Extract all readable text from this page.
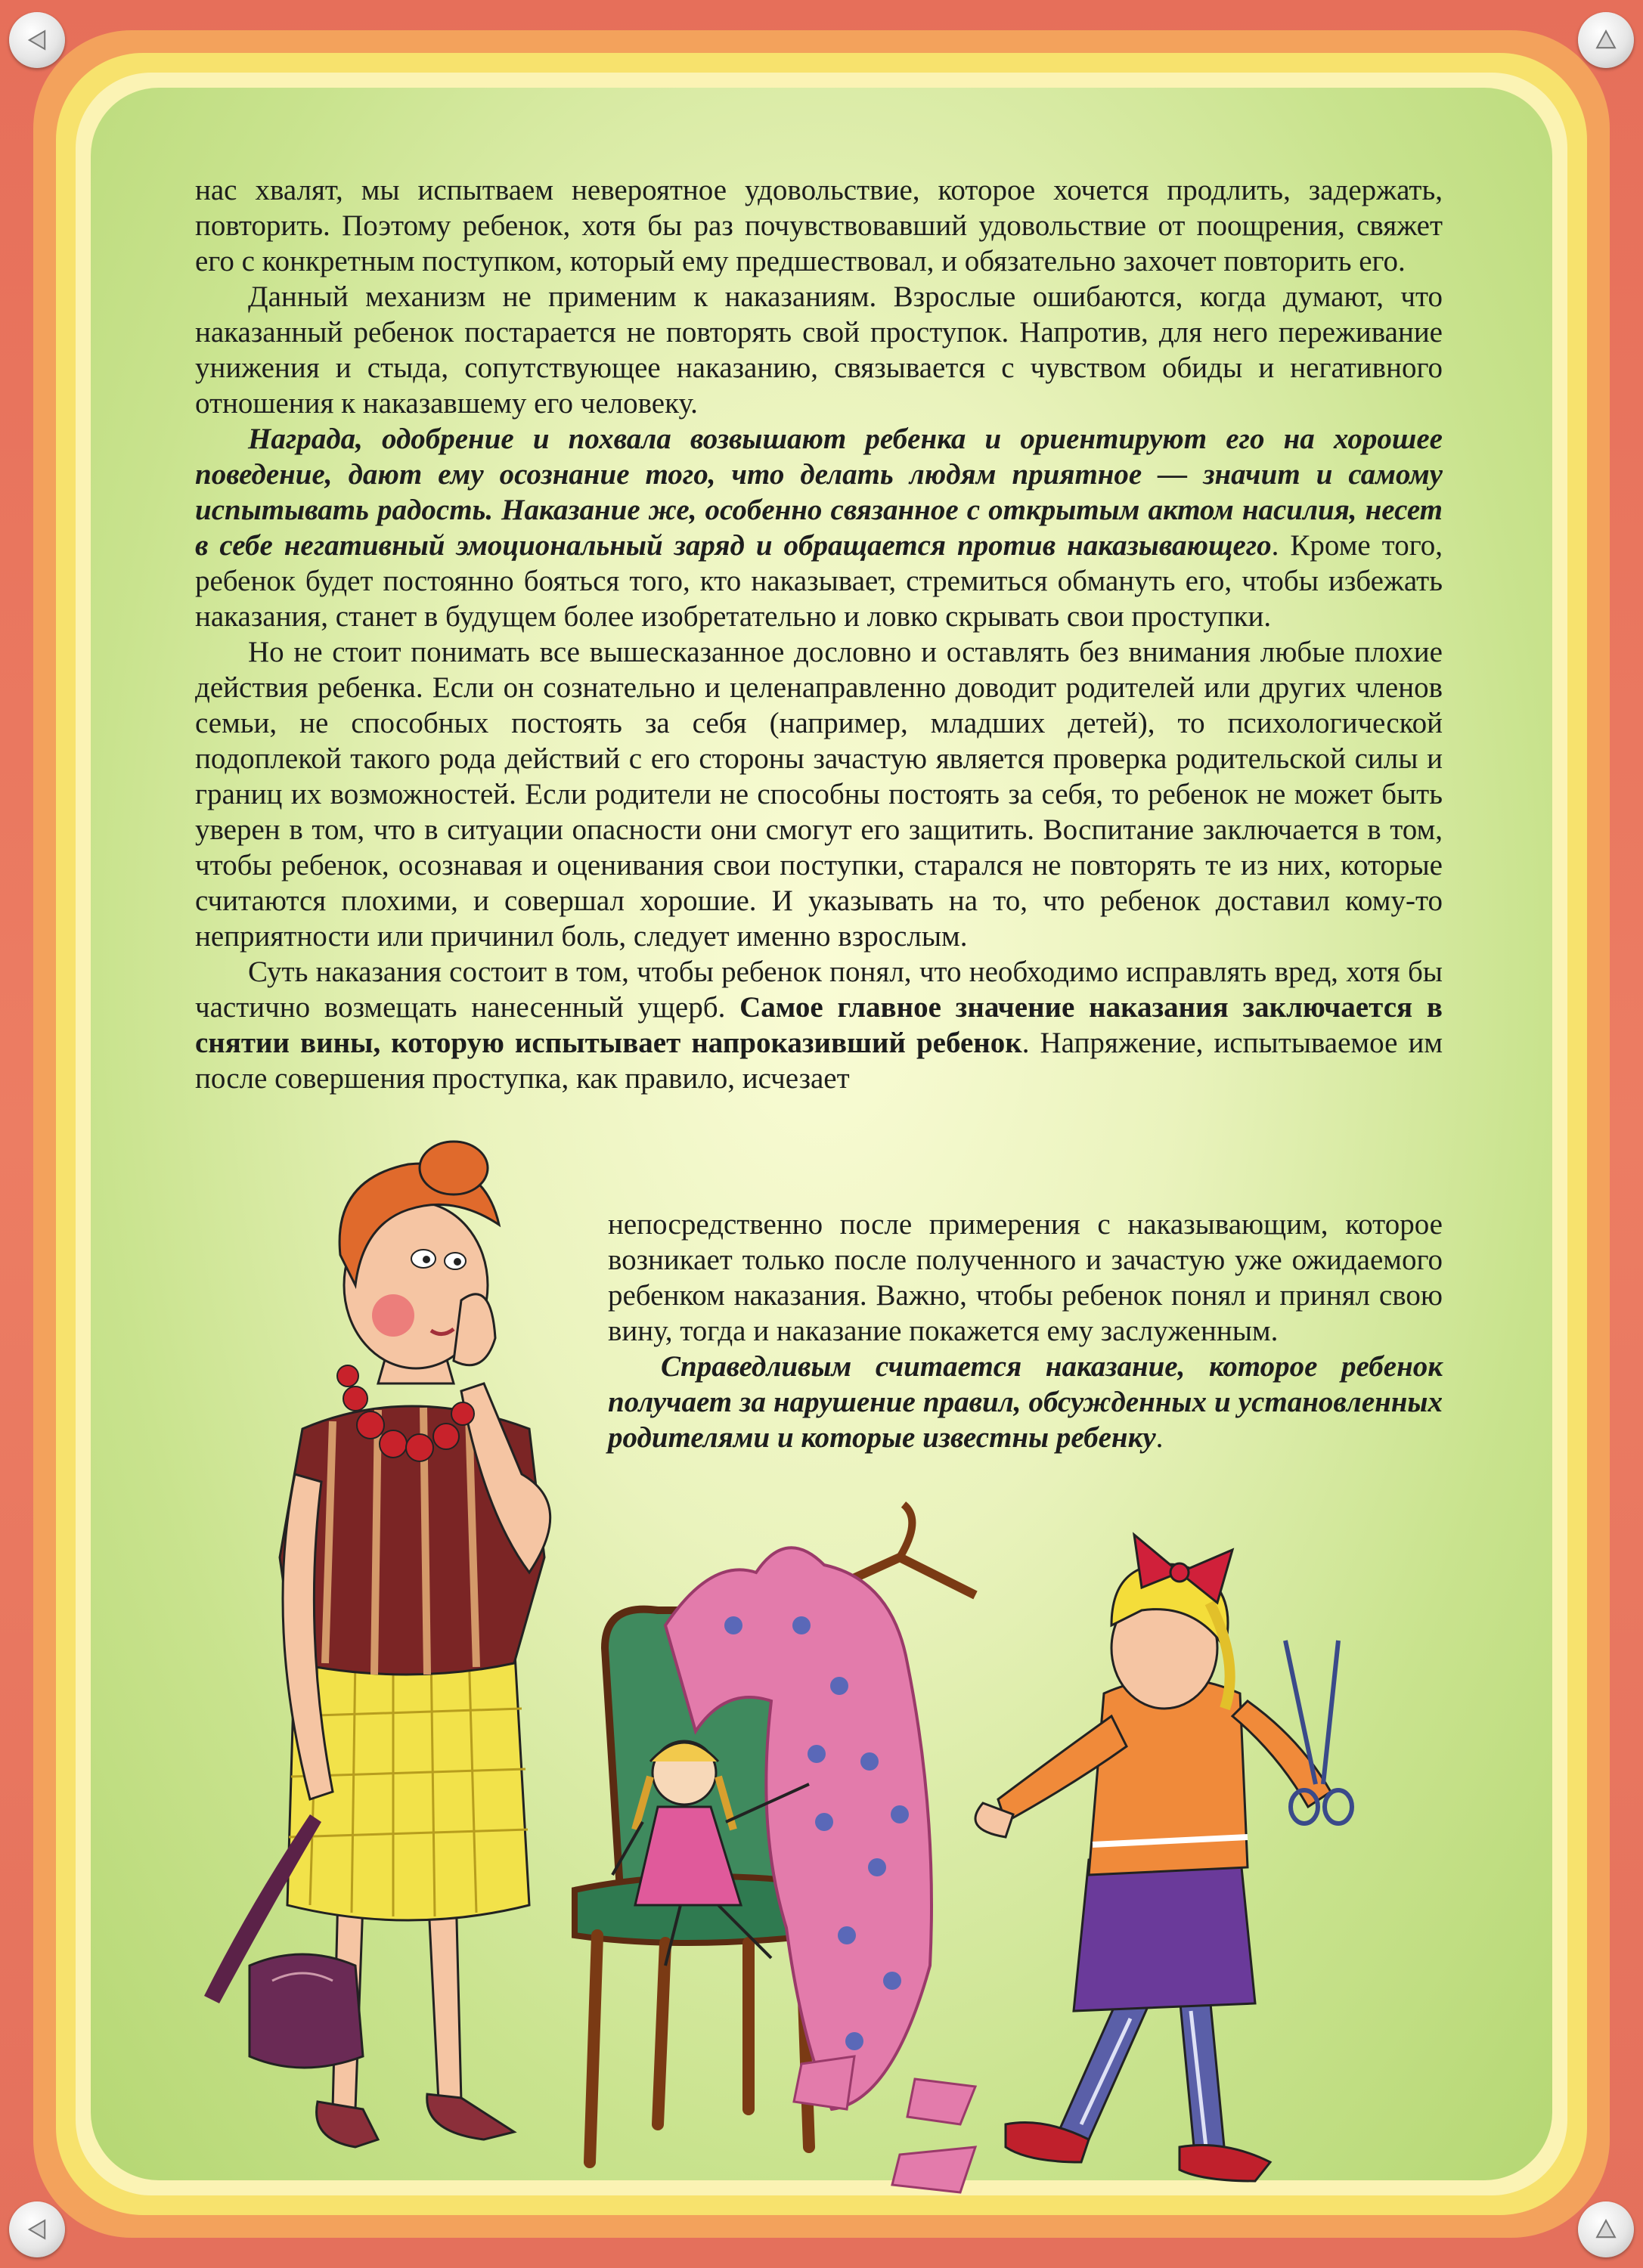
нас хвалят, мы испытваем невероятное удовольствие, которое хочется продлить, задержать, повторить. Поэтому ребенок, хотя бы раз почувствовавший удовольствие от поощрения, свяжет его с конкретным поступком, который ему предшествовал, и обязательно захочет повторить его.

Данный механизм не применим к наказаниям. Взрослые ошибаются, когда думают, что наказанный ребенок постарается не повторять свой проступок. Напротив, для него переживание унижения и стыда, сопутствующее наказанию, связывается с чувством обиды и негативного отношения к наказавшему его человеку.

Награда, одобрение и похвала возвышают ребенка и ориентируют его на хорошее поведение, дают ему осознание того, что делать людям приятное — значит и самому испытывать радость. Наказание же, особенно связанное с открытым актом насилия, несет в себе негативный эмоциональный заряд и обращается против наказывающего. Кроме того, ребенок будет постоянно бояться того, кто наказывает, стремиться обмануть его, чтобы избежать наказания, станет в будущем более изобретательно и ловко скрывать свои проступки.

Но не стоит понимать все вышесказанное дословно и оставлять без внимания любые плохие действия ребенка. Если он сознательно и целенаправленно доводит родителей или других членов семьи, не способных постоять за себя (например, младших детей), то психологической подоплекой такого рода действий с его стороны зачастую является проверка родительской силы и границ их возможностей. Если родители не способны постоять за себя, то ребенок не может быть уверен в том, что в ситуации опасности они смогут его защитить. Воспитание заключается в том, чтобы ребенок, осознавая и оценивания свои поступки, старался не повторять те из них, которые считаются плохими, и совершал хорошие. И указывать на то, что ребенок доставил кому-то неприятности или причинил боль, следует именно взрослым.

Суть наказания состоит в том, чтобы ребенок понял, что необходимо исправлять вред, хотя бы частично возмещать нанесенный ущерб. Самое главное значение наказания заключается в снятии вины, которую испытывает напроказивший ребенок. Напряжение, испытываемое им после совершения проступка, как правило, исчезает

непосредственно после примерения с наказывающим, которое возникает только после полученного и зачастую уже ожидаемого ребенком наказания. Важно, чтобы ребенок понял и принял свою вину, тогда и наказание покажется ему заслуженным.

Справедливым считается наказание, которое ребенок получает за нарушение правил, обсужденных и установленных родителями и которые известны ребенку.
